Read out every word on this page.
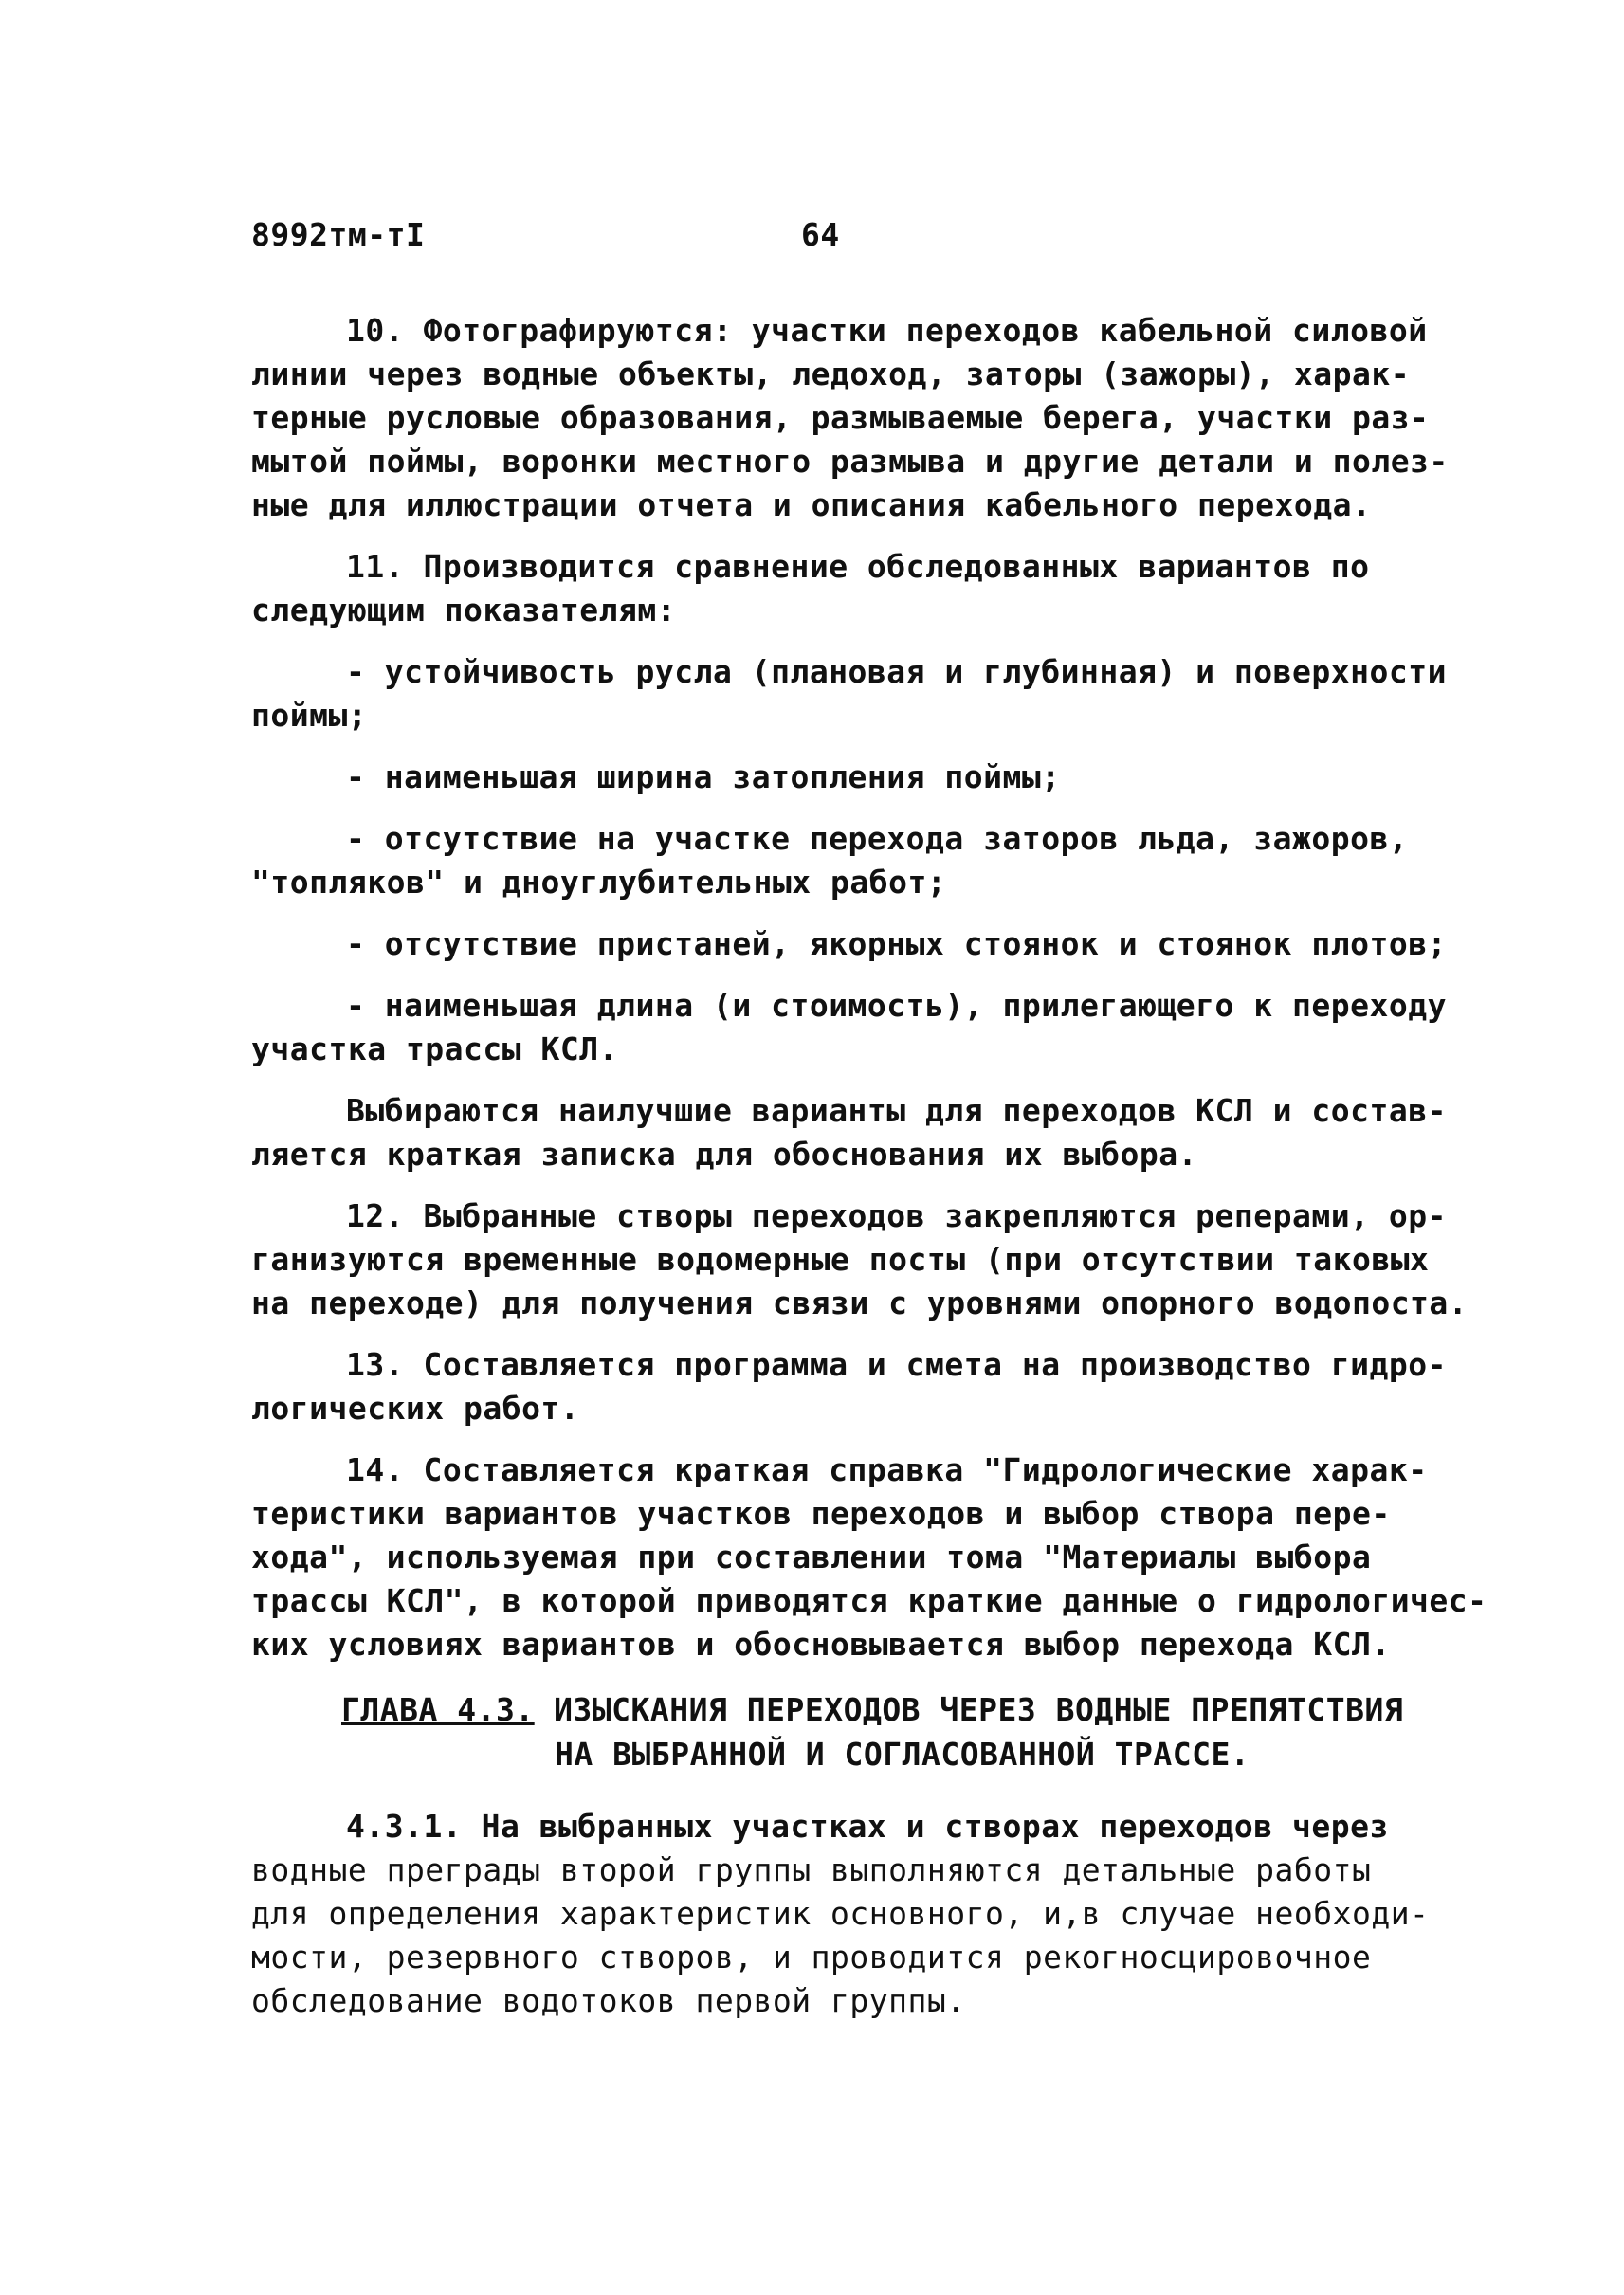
8992тм-тI	64

10. Фотографируются: участки переходов кабельной силовой
линии через водные объекты, ледоход, заторы (зажоры), харак-
терные русловые образования, размываемые берега, участки раз-
мытой поймы, воронки местного размыва и другие детали и полез-
ные для иллюстрации отчета и описания кабельного перехода.

11. Производится сравнение обследованных вариантов по
следующим показателям:

- устойчивость русла (плановая и глубинная) и поверхности
поймы;

- наименьшая ширина затопления поймы;

- отсутствие на участке перехода заторов льда, зажоров,
"топляков" и дноуглубительных работ;

- отсутствие пристаней, якорных стоянок и стоянок плотов;

- наименьшая длина (и стоимость), прилегающего к переходу
участка трассы КСЛ.

Выбираются наилучшие варианты для переходов КСЛ и состав-
ляется краткая записка для обоснования их выбора.

12. Выбранные створы переходов закрепляются реперами, ор-
ганизуются временные водомерные посты (при отсутствии таковых
на переходе) для получения связи с уровнями опорного водопоста.

13. Составляется программа и смета на производство гидро-
логических работ.

14. Составляется краткая справка "Гидрологические харак-
теристики вариантов участков переходов и выбор створа пере-
хода", используемая при составлении тома "Материалы выбора
трассы КСЛ", в которой приводятся краткие данные о гидрологичес-
ких условиях вариантов и обосновывается выбор перехода КСЛ.

ГЛАВА 4.3. ИЗЫСКАНИЯ ПЕРЕХОДОВ ЧЕРЕЗ ВОДНЫЕ ПРЕПЯТСТВИЯ
НА ВЫБРАННОЙ И СОГЛАСОВАННОЙ ТРАССЕ.

4.3.1. На выбранных участках и створах переходов через
водные преграды второй группы выполняются детальные работы
для определения характеристик основного, и,в случае необходи-
мости, резервного створов, и проводится рекогносцировочное
обследование водотоков первой группы.
